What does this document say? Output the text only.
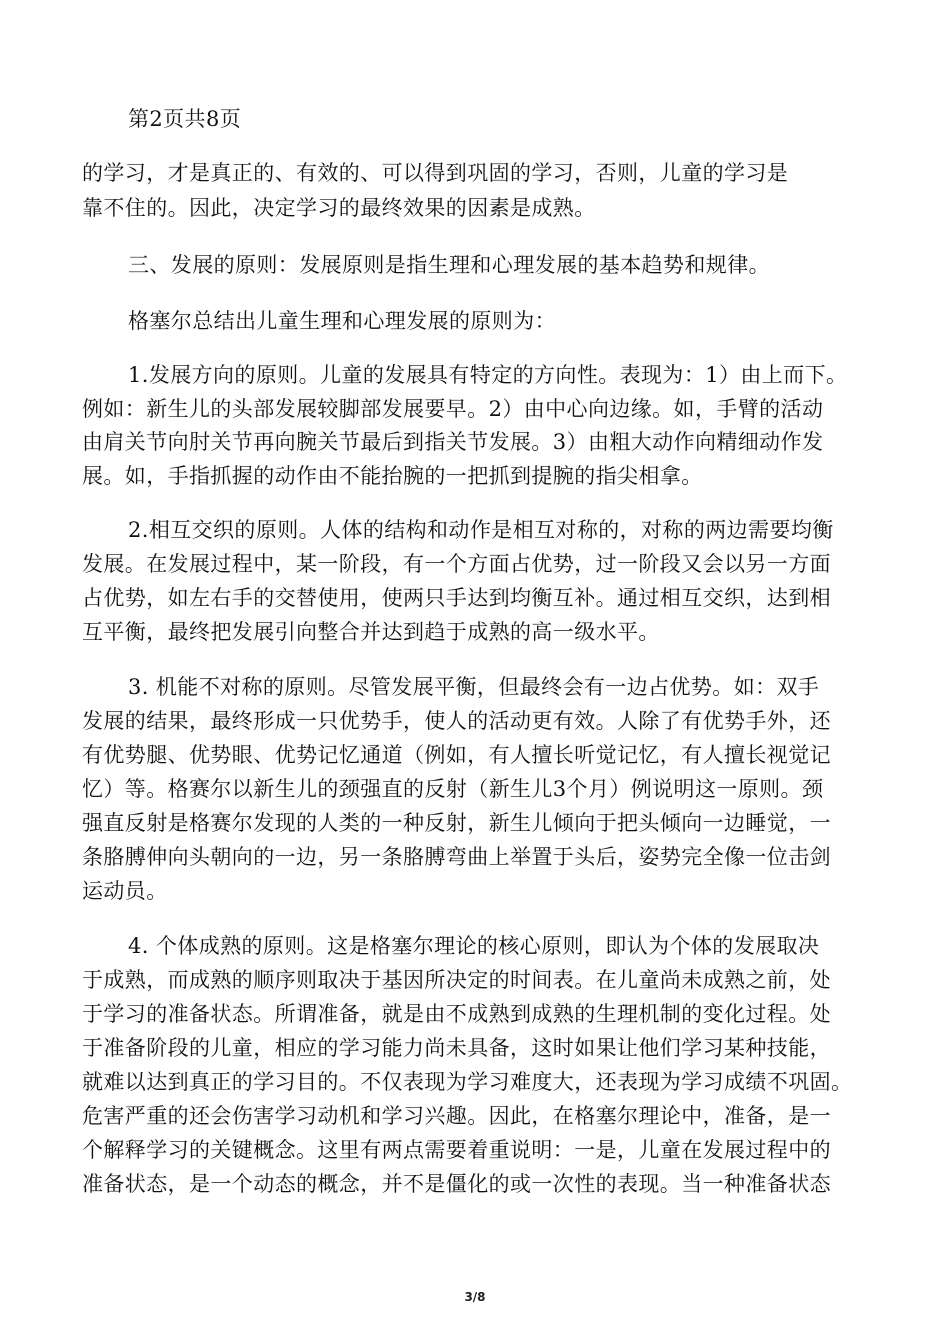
第2页共8页
的学习，才是真正的、有效的、可以得到巩固的学习，否则，儿童的学习是
靠不住的。因此，决定学习的最终效果的因素是成熟。
三、发展的原则：发展原则是指生理和心理发展的基本趋势和规律。
格塞尔总结出儿童生理和心理发展的原则为：
1.发展方向的原则。儿童的发展具有特定的方向性。表现为：1）由上而下。
例如：新生儿的头部发展较脚部发展要早。2）由中心向边缘。如，手臂的活动
由肩关节向肘关节再向腕关节最后到指关节发展。3）由粗大动作向精细动作发
展。如，手指抓握的动作由不能抬腕的一把抓到提腕的指尖相拿。
2.相互交织的原则。人体的结构和动作是相互对称的，对称的两边需要均衡
发展。在发展过程中，某一阶段，有一个方面占优势，过一阶段又会以另一方面
占优势，如左右手的交替使用，使两只手达到均衡互补。通过相互交织，达到相
互平衡，最终把发展引向整合并达到趋于成熟的高一级水平。
3. 机能不对称的原则。尽管发展平衡，但最终会有一边占优势。如：双手
发展的结果，最终形成一只优势手，使人的活动更有效。人除了有优势手外，还
有优势腿、优势眼、优势记忆通道（例如，有人擅长听觉记忆，有人擅长视觉记
忆）等。格赛尔以新生儿的颈强直的反射（新生儿3个月）例说明这一原则。颈
强直反射是格赛尔发现的人类的一种反射，新生儿倾向于把头倾向一边睡觉，一
条胳膊伸向头朝向的一边，另一条胳膊弯曲上举置于头后，姿势完全像一位击剑
运动员。
4. 个体成熟的原则。这是格塞尔理论的核心原则，即认为个体的发展取决
于成熟，而成熟的顺序则取决于基因所决定的时间表。在儿童尚未成熟之前，处
于学习的准备状态。所谓准备，就是由不成熟到成熟的生理机制的变化过程。处
于准备阶段的儿童，相应的学习能力尚未具备，这时如果让他们学习某种技能，
就难以达到真正的学习目的。不仅表现为学习难度大，还表现为学习成绩不巩固。
危害严重的还会伤害学习动机和学习兴趣。因此，在格塞尔理论中，准备，是一
个解释学习的关键概念。这里有两点需要着重说明：一是，儿童在发展过程中的
准备状态，是一个动态的概念，并不是僵化的或一次性的表现。当一种准备状态
3/8
